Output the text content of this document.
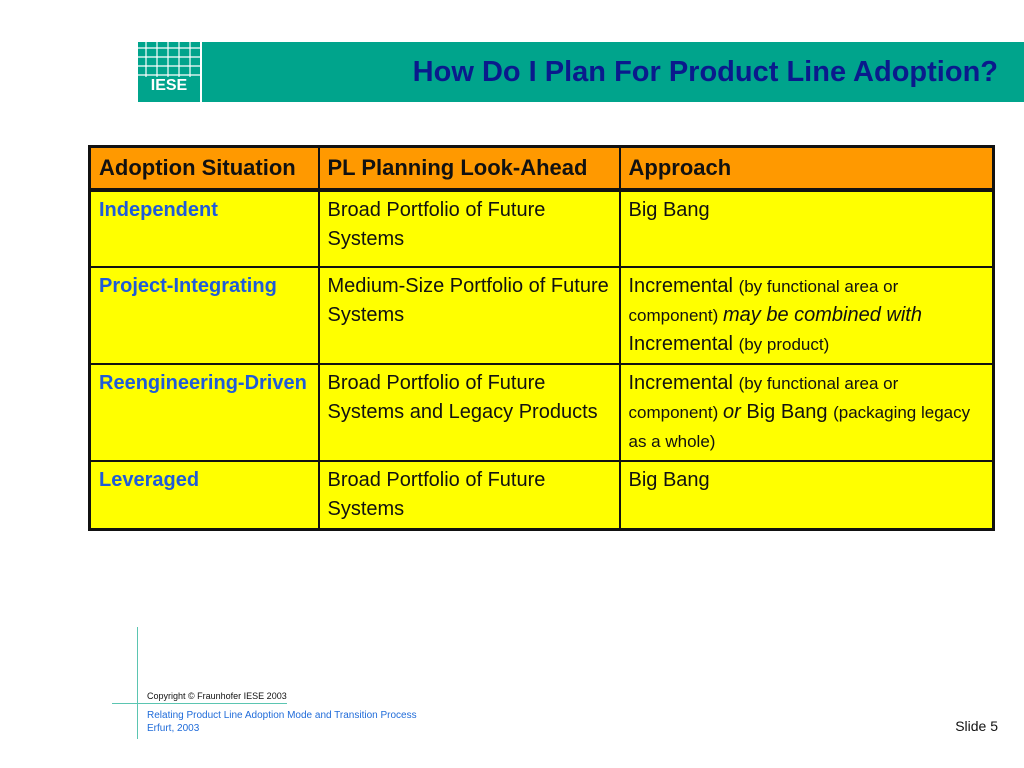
IESE	How Do I Plan For Product Line Adoption?
Adoption Situation	PL Planning Look-Ahead	Approach
Independent	Broad Portfolio of Future Systems	Big Bang
Project-Integrating	Medium-Size Portfolio of Future Systems	Incremental (by functional area or component) may be combined with Incremental (by product)
Reengineering-Driven	Broad Portfolio of Future Systems and Legacy Products	Incremental (by functional area or component) or Big Bang (packaging legacy as a whole)
Leveraged	Broad Portfolio of Future Systems	Big Bang
Copyright © Fraunhofer IESE 2003
Relating Product Line Adoption Mode and Transition Process
Erfurt, 2003	Slide 5
